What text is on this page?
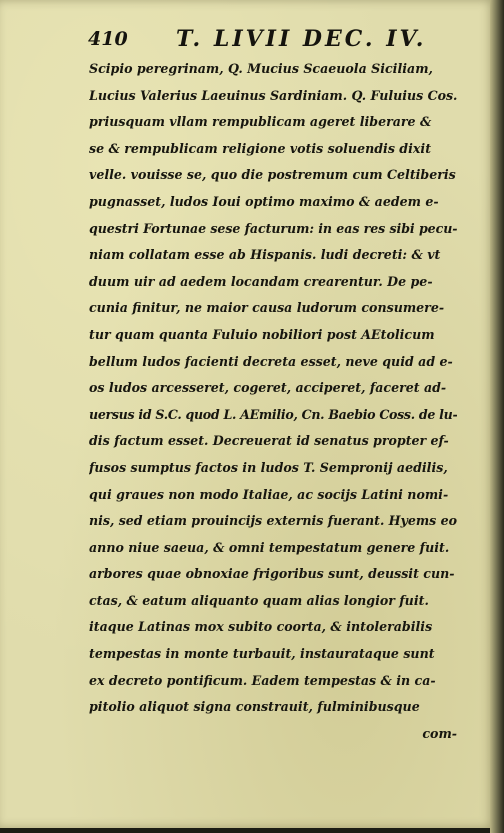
410 T. LIVII DEC. IV.
Scipio peregrinam, Q. Mucius Scaeuola Siciliam,
Lucius Valerius Laeuinus Sardiniam. Q. Fuluius Cos.
priusquam vllam rempublicam ageret liberare &
se & rempublicam religione votis soluendis dixit
velle. vouisse se, quo die postremum cum Celtiberis
pugnasset, ludos Ioui optimo maximo & aedem e-
questri Fortunae sese facturum: in eas res sibi pecu-
niam collatam esse ab Hispanis. ludi decreti: & vt
duum uir ad aedem locandam crearentur. De pe-
cunia finitur, ne maior causa ludorum consumere-
tur quam quanta Fuluio nobiliori post AEtolicum
bellum ludos facienti decreta esset, neve quid ad e-
os ludos arcesseret, cogeret, acciperet, faceret ad-
uersus id S.C. quod L. AEmilio, Cn. Baebio Coss. de lu-
dis factum esset. Decreuerat id senatus propter ef-
fusos sumptus factos in ludos T. Sempronij aedilis,
qui graues non modo Italiae, ac socijs Latini nomi-
nis, sed etiam prouincijs externis fuerant. Hyems eo
anno niue saeua, & omni tempestatum genere fuit.
arbores quae obnoxiae frigoribus sunt, deussit cun-
ctas, & eatum aliquanto quam alias longior fuit.
itaque Latinas mox subito coorta, & intolerabilis
tempestas in monte turbauit, instaurataque sunt
ex decreto pontificum. Eadem tempestas & in ca-
pitolio aliquot signa constrauit, fulminibusque
com-
